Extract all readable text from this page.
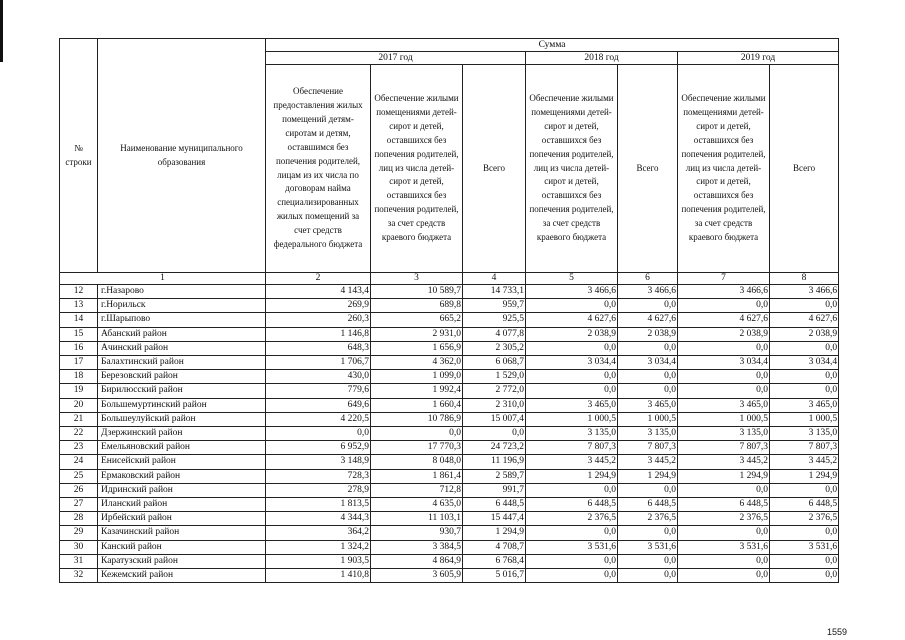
№ строки	Наименование муниципального образования	Сумма						
		2017 год			2018 год		2019 год	
		Обеспечение предоставления жилых помещений детям-сиротам и детям, оставшимся без попечения родителей, лицам из их числа по договорам найма специализированных жилых помещений за счет средств федерального бюджета	Обеспечение жилыми помещениями детей-сирот и детей, оставшихся без попечения родителей, лиц из числа детей-сирот и детей, оставшихся без попечения родителей, за счет средств краевого бюджета	Всего	Обеспечение жилыми помещениями детей-сирот и детей, оставшихся без попечения родителей, лиц из числа детей-сирот и детей, оставшихся без попечения родителей, за счет средств краевого бюджета	Всего	Обеспечение жилыми помещениями детей-сирот и детей, оставшихся без попечения родителей, лиц из числа детей-сирот и детей, оставшихся без попечения родителей, за счет средств краевого бюджета	Всего
1		2	3	4	5	6	7	8
12	г.Назарово	4 143,4	10 589,7	14 733,1	3 466,6	3 466,6	3 466,6	3 466,6
13	г.Норильск	269,9	689,8	959,7	0,0	0,0	0,0	0,0
14	г.Шарыпово	260,3	665,2	925,5	4 627,6	4 627,6	4 627,6	4 627,6
15	Абанский район	1 146,8	2 931,0	4 077,8	2 038,9	2 038,9	2 038,9	2 038,9
16	Ачинский район	648,3	1 656,9	2 305,2	0,0	0,0	0,0	0,0
17	Балахтинский район	1 706,7	4 362,0	6 068,7	3 034,4	3 034,4	3 034,4	3 034,4
18	Березовский район	430,0	1 099,0	1 529,0	0,0	0,0	0,0	0,0
19	Бирилюсский район	779,6	1 992,4	2 772,0	0,0	0,0	0,0	0,0
20	Большемуртинский район	649,6	1 660,4	2 310,0	3 465,0	3 465,0	3 465,0	3 465,0
21	Большеулуйский район	4 220,5	10 786,9	15 007,4	1 000,5	1 000,5	1 000,5	1 000,5
22	Дзержинский район	0,0	0,0	0,0	3 135,0	3 135,0	3 135,0	3 135,0
23	Емельяновский район	6 952,9	17 770,3	24 723,2	7 807,3	7 807,3	7 807,3	7 807,3
24	Енисейский район	3 148,9	8 048,0	11 196,9	3 445,2	3 445,2	3 445,2	3 445,2
25	Ермаковский район	728,3	1 861,4	2 589,7	1 294,9	1 294,9	1 294,9	1 294,9
26	Идринский район	278,9	712,8	991,7	0,0	0,0	0,0	0,0
27	Иланский район	1 813,5	4 635,0	6 448,5	6 448,5	6 448,5	6 448,5	6 448,5
28	Ирбейский район	4 344,3	11 103,1	15 447,4	2 376,5	2 376,5	2 376,5	2 376,5
29	Казачинский район	364,2	930,7	1 294,9	0,0	0,0	0,0	0,0
30	Канский район	1 324,2	3 384,5	4 708,7	3 531,6	3 531,6	3 531,6	3 531,6
31	Каратузский район	1 903,5	4 864,9	6 768,4	0,0	0,0	0,0	0,0
32	Кежемский район	1 410,8	3 605,9	5 016,7	0,0	0,0	0,0	0,0
1559
